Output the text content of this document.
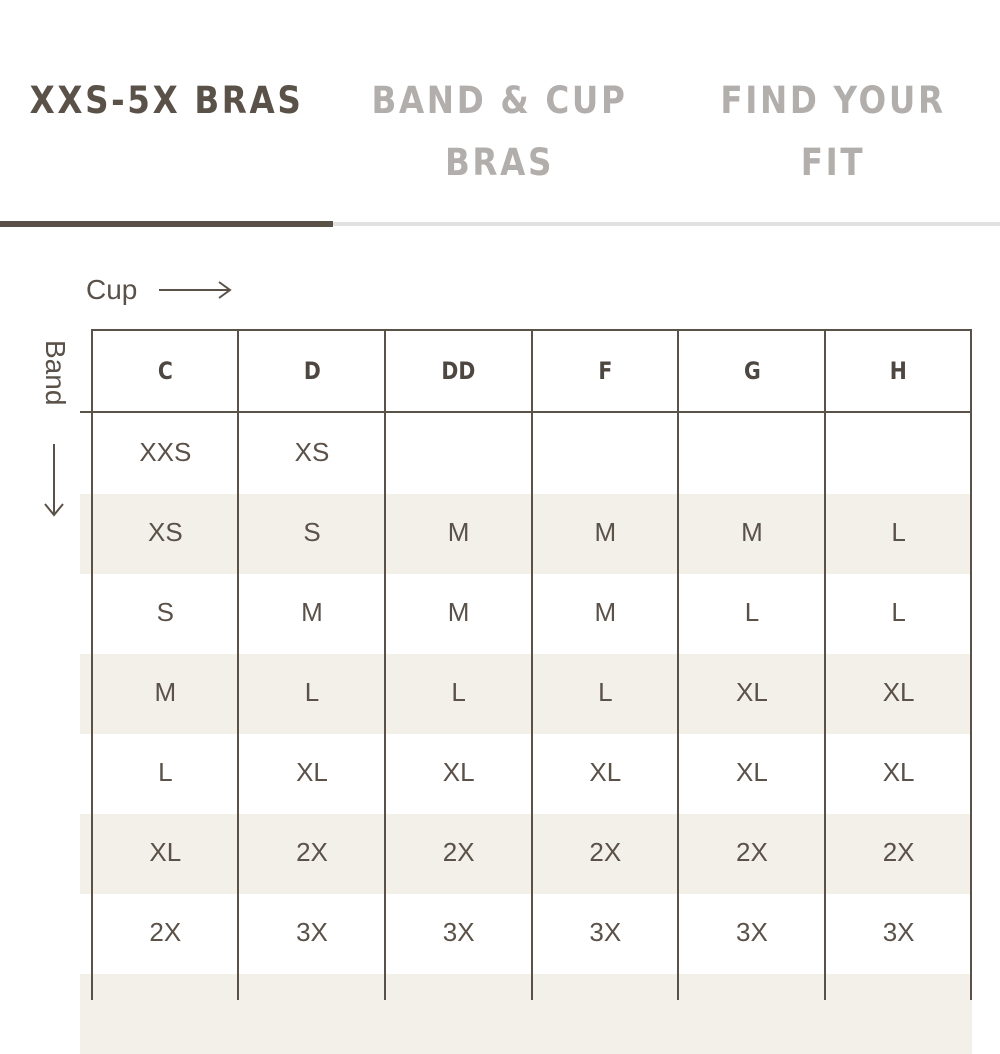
XXS-5X BRAS	BAND & CUP BRAS
FIND YOUR FIT
Cup
Band	C	D	DD	F	G	H
XXS	XS
XS	S	M	M	M	L
S	M	M	M	L	L
M	L	L	L	XL	XL
L	XL	XL	XL	XL	XL
XL	2X	2X	2X	2X	2X
2X	3X	3X	3X	3X	3X
